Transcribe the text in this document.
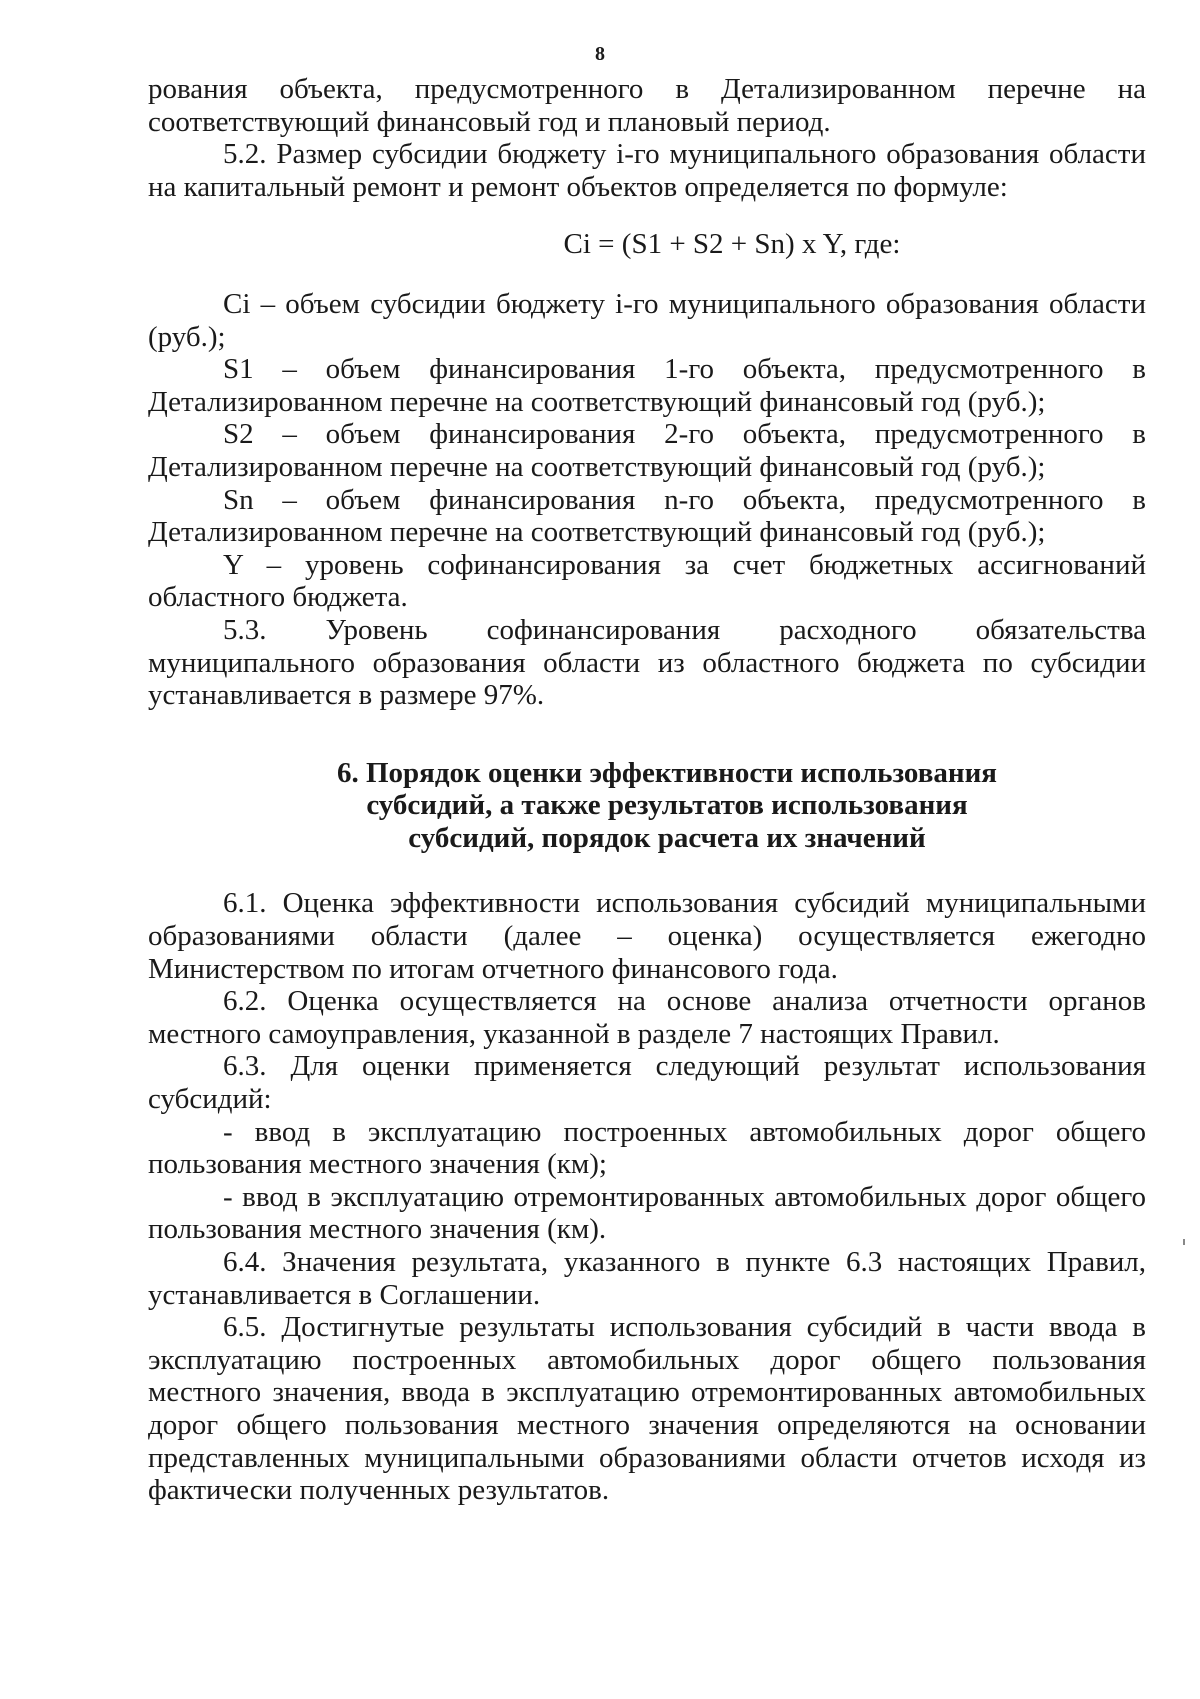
8

рования объекта, предусмотренного в Детализированном перечне на соответствующий финансовый год и плановый период.

5.2. Размер субсидии бюджету i-го муниципального образования области на капитальный ремонт и ремонт объектов определяется по формуле:

Ci = (S1 + S2 + Sn) x Y, где:

Ci – объем субсидии бюджету i-го муниципального образования области (руб.);

S1 – объем финансирования 1-го объекта, предусмотренного в Детализированном перечне на соответствующий финансовый год (руб.);

S2 – объем финансирования 2-го объекта, предусмотренного в Детализированном перечне на соответствующий финансовый год (руб.);

Sn – объем финансирования n-го объекта, предусмотренного в Детализированном перечне на соответствующий финансовый год (руб.);

Y – уровень софинансирования за счет бюджетных ассигнований областного бюджета.

5.3. Уровень софинансирования расходного обязательства муниципального образования области из областного бюджета по субсидии устанавливается в размере 97%.

6. Порядок оценки эффективности использования
субсидий, а также результатов использования
субсидий, порядок расчета их значений

6.1. Оценка эффективности использования субсидий муниципальными образованиями области (далее – оценка) осуществляется ежегодно Министерством по итогам отчетного финансового года.

6.2. Оценка осуществляется на основе анализа отчетности органов местного самоуправления, указанной в разделе 7 настоящих Правил.

6.3. Для оценки применяется следующий результат использования субсидий:

- ввод в эксплуатацию построенных автомобильных дорог общего пользования местного значения (км);

- ввод в эксплуатацию отремонтированных автомобильных дорог общего пользования местного значения (км).

6.4. Значения результата, указанного в пункте 6.3 настоящих Правил, устанавливается в Соглашении.

6.5. Достигнутые результаты использования субсидий в части ввода в эксплуатацию построенных автомобильных дорог общего пользования местного значения, ввода в эксплуатацию отремонтированных автомобильных дорог общего пользования местного значения определяются на основании представленных муниципальными образованиями области отчетов исходя из фактически полученных результатов.
